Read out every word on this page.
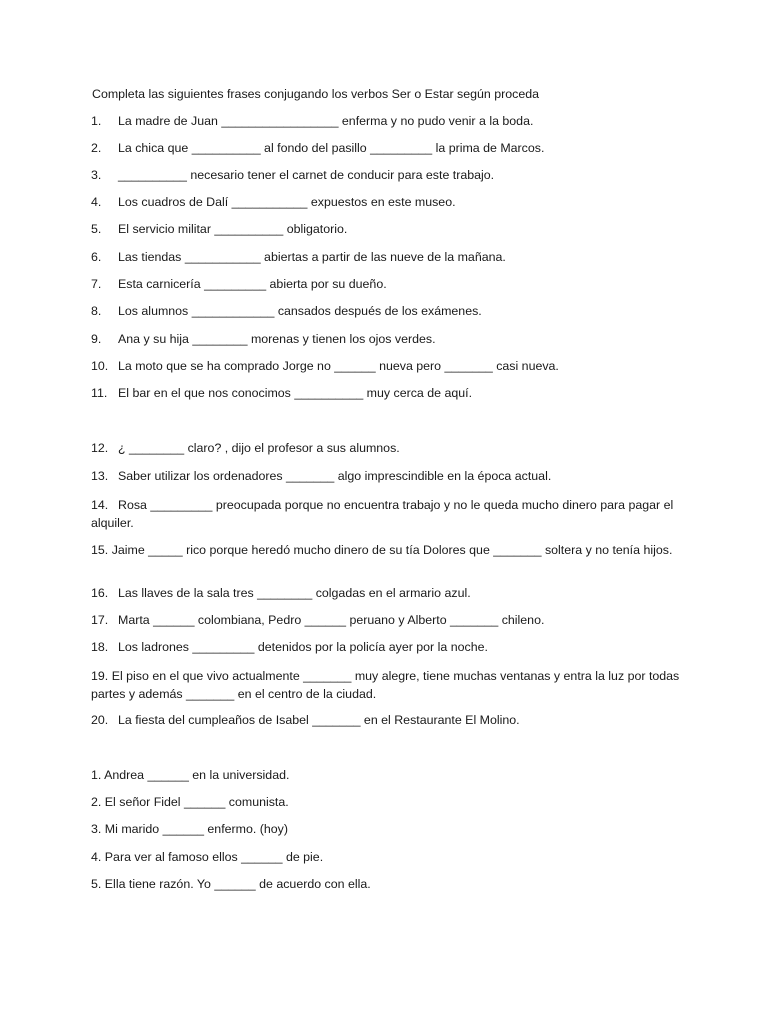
Completa las siguientes frases conjugando los verbos Ser o Estar según proceda
1. La madre de Juan _________________ enferma y no pudo venir a la boda.
2. La chica que __________ al fondo del pasillo _________ la prima de Marcos.
3. __________ necesario tener el carnet de conducir para este trabajo.
4. Los cuadros de Dalí ___________ expuestos en este museo.
5. El servicio militar __________ obligatorio.
6. Las tiendas ___________ abiertas a partir de las nueve de la mañana.
7. Esta carnicería _________ abierta por su dueño.
8. Los alumnos ____________ cansados después de los exámenes.
9. Ana y su hija ________ morenas y tienen los ojos verdes.
10. La moto que se ha comprado Jorge no ______ nueva pero _______ casi nueva.
11. El bar en el que nos conocimos __________ muy cerca de aquí.
12. ¿ ________ claro? , dijo el profesor a sus alumnos.
13. Saber utilizar los ordenadores _______ algo imprescindible en la época actual.
14. Rosa _________ preocupada porque no encuentra trabajo y no le queda mucho dinero para pagar el alquiler.
15. Jaime _____ rico porque heredó mucho dinero de su tía Dolores que _______ soltera y no tenía hijos.
16. Las llaves de la sala tres ________ colgadas en el armario azul.
17. Marta ______ colombiana, Pedro ______ peruano y Alberto _______ chileno.
18. Los ladrones _________ detenidos por la policía ayer por la noche.
19. El piso en el que vivo actualmente _______ muy alegre, tiene muchas ventanas y entra la luz por todas partes y además _______ en el centro de la ciudad.
20. La fiesta del cumpleaños de Isabel _______ en el Restaurante El Molino.
1. Andrea ______ en la universidad.
2. El señor Fidel ______ comunista.
3. Mi marido ______ enfermo. (hoy)
4. Para ver al famoso ellos ______ de pie.
5. Ella tiene razón. Yo ______ de acuerdo con ella.
